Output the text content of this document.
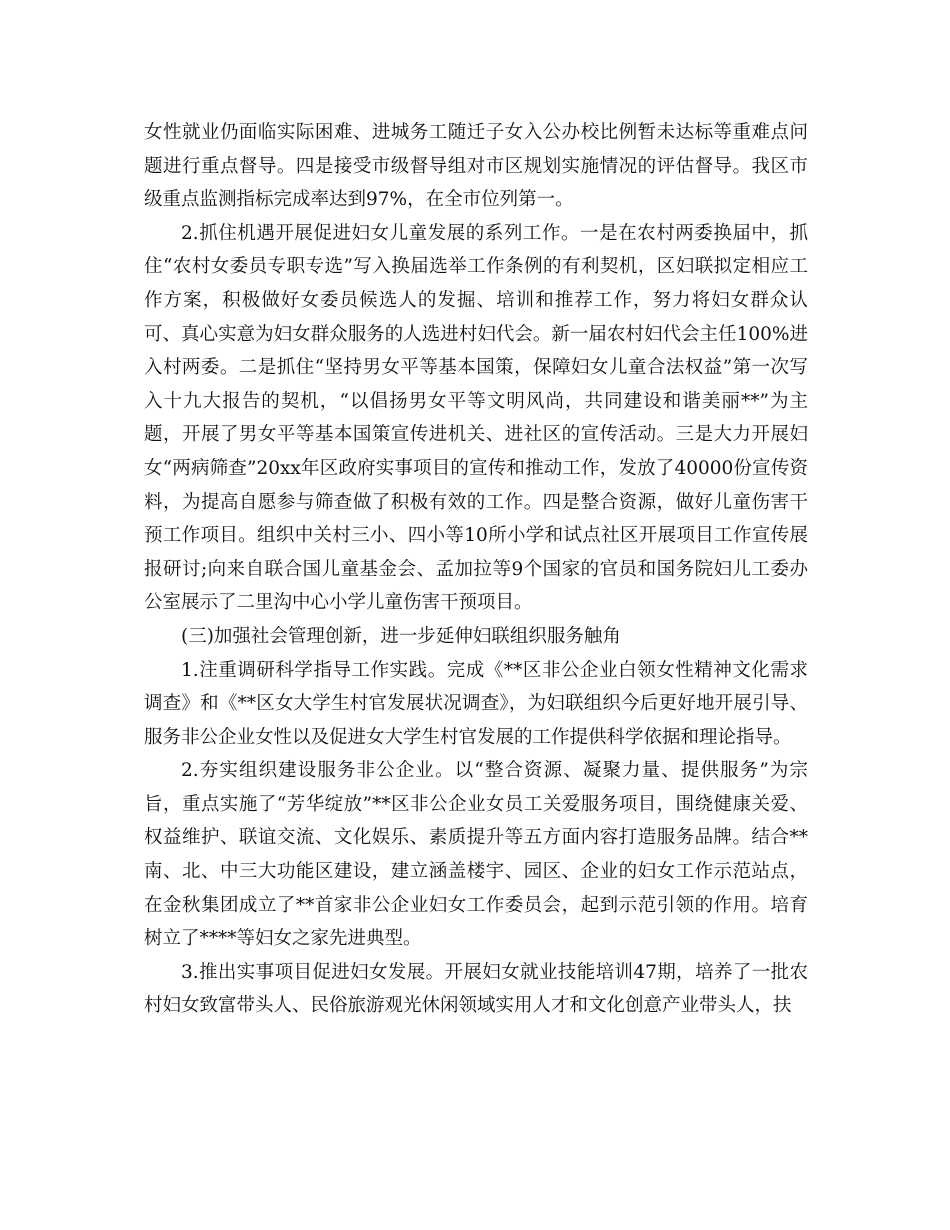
女性就业仍面临实际困难、进城务工随迁子女入公办校比例暂未达标等重难点问题进行重点督导。四是接受市级督导组对市区规划实施情况的评估督导。我区市级重点监测指标完成率达到97%，在全市位列第一。

2.抓住机遇开展促进妇女儿童发展的系列工作。一是在农村两委换届中，抓住“农村女委员专职专选”写入换届选举工作条例的有利契机，区妇联拟定相应工作方案，积极做好女委员候选人的发掘、培训和推荐工作，努力将妇女群众认可、真心实意为妇女群众服务的人选进村妇代会。新一届农村妇代会主任100%进入村两委。二是抓住“坚持男女平等基本国策，保障妇女儿童合法权益”第一次写入十九大报告的契机，“以倡扬男女平等文明风尚，共同建设和谐美丽**”为主题，开展了男女平等基本国策宣传进机关、进社区的宣传活动。三是大力开展妇女“两病筛查”20xx年区政府实事项目的宣传和推动工作，发放了40000份宣传资料，为提高自愿参与筛查做了积极有效的工作。四是整合资源，做好儿童伤害干预工作项目。组织中关村三小、四小等10所小学和试点社区开展项目工作宣传展报研讨;向来自联合国儿童基金会、孟加拉等9个国家的官员和国务院妇儿工委办公室展示了二里沟中心小学儿童伤害干预项目。

(三)加强社会管理创新，进一步延伸妇联组织服务触角

1.注重调研科学指导工作实践。完成《**区非公企业白领女性精神文化需求调查》和《**区女大学生村官发展状况调查》，为妇联组织今后更好地开展引导、服务非公企业女性以及促进女大学生村官发展的工作提供科学依据和理论指导。

2.夯实组织建设服务非公企业。以“整合资源、凝聚力量、提供服务”为宗旨，重点实施了“芳华绽放”**区非公企业女员工关爱服务项目，围绕健康关爱、权益维护、联谊交流、文化娱乐、素质提升等五方面内容打造服务品牌。结合**南、北、中三大功能区建设，建立涵盖楼宇、园区、企业的妇女工作示范站点，在金秋集团成立了**首家非公企业妇女工作委员会，起到示范引领的作用。培育树立了****等妇女之家先进典型。

3.推出实事项目促进妇女发展。开展妇女就业技能培训47期，培养了一批农村妇女致富带头人、民俗旅游观光休闲领域实用人才和文化创意产业带头人，扶
